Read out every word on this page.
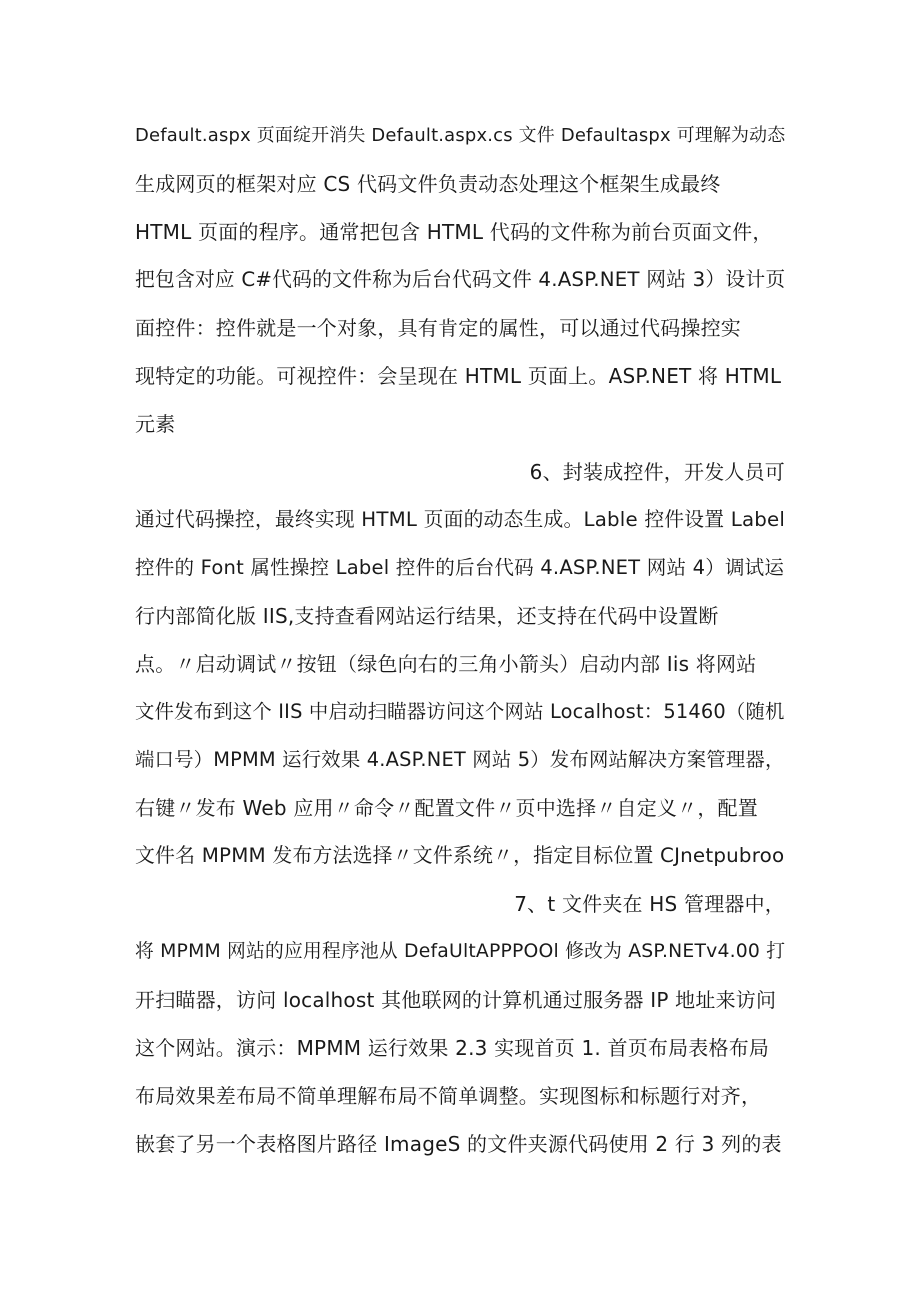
Default.aspx 页面绽开消失 Default.aspx.cs 文件 Defaultaspx 可理解为动态

生成网页的框架对应 CS 代码文件负责动态处理这个框架生成最终

HTML 页面的程序。通常把包含 HTML 代码的文件称为前台页面文件，

把包含对应 C#代码的文件称为后台代码文件 4.ASP.NET 网站 3）设计页

面控件：控件就是一个对象，具有肯定的属性，可以通过代码操控实

现特定的功能。可视控件：会呈现在 HTML 页面上。ASP.NET 将 HTML

元素

6、封装成控件，开发人员可

通过代码操控，最终实现 HTML 页面的动态生成。Lable 控件设置 Label

控件的 Font 属性操控 Label 控件的后台代码 4.ASP.NET 网站 4）调试运

行内部简化版 IIS,支持查看网站运行结果，还支持在代码中设置断

点。〃启动调试〃按钮（绿色向右的三角小箭头）启动内部 Iis 将网站

文件发布到这个 IIS 中启动扫瞄器访问这个网站 Localhost：51460（随机

端口号）MPMM 运行效果 4.ASP.NET 网站 5）发布网站解决方案管理器，

右键〃发布 Web 应用〃命令〃配置文件〃页中选择〃自定义〃，配置

文件名 MPMM 发布方法选择〃文件系统〃，指定目标位置 CJnetpubroo

7、t 文件夹在 HS 管理器中，

将 MPMM 网站的应用程序池从 DefaUltAPPPOOl 修改为 ASP.NETv4.00 打

开扫瞄器，访问 localhost 其他联网的计算机通过服务器 IP 地址来访问

这个网站。演示：MPMM 运行效果 2.3 实现首页 1. 首页布局表格布局

布局效果差布局不简单理解布局不简单调整。实现图标和标题行对齐，

嵌套了另一个表格图片路径 ImageS 的文件夹源代码使用 2 行 3 列的表
